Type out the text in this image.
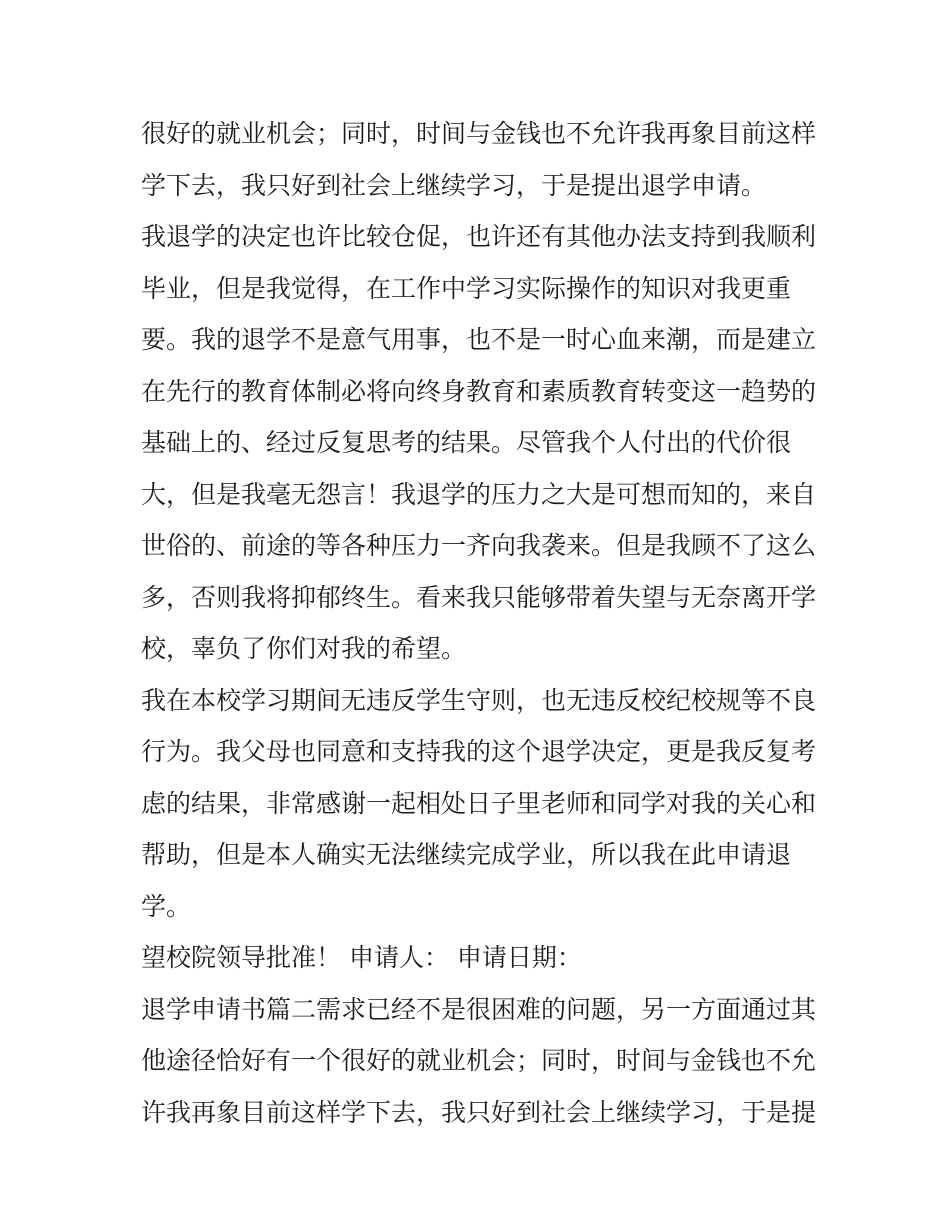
很好的就业机会；同时，时间与金钱也不允许我再象目前这样
学下去，我只好到社会上继续学习，于是提出退学申请。
我退学的决定也许比较仓促，也许还有其他办法支持到我顺利
毕业，但是我觉得，在工作中学习实际操作的知识对我更重
要。我的退学不是意气用事，也不是一时心血来潮，而是建立
在先行的教育体制必将向终身教育和素质教育转变这一趋势的
基础上的、经过反复思考的结果。尽管我个人付出的代价很
大，但是我毫无怨言！我退学的压力之大是可想而知的，来自
世俗的、前途的等各种压力一齐向我袭来。但是我顾不了这么
多，否则我将抑郁终生。看来我只能够带着失望与无奈离开学
校，辜负了你们对我的希望。
我在本校学习期间无违反学生守则，也无违反校纪校规等不良
行为。我父母也同意和支持我的这个退学决定，更是我反复考
虑的结果，非常感谢一起相处日子里老师和同学对我的关心和
帮助，但是本人确实无法继续完成学业，所以我在此申请退
学。
望校院领导批准！ 申请人： 申请日期：
退学申请书篇二需求已经不是很困难的问题，另一方面通过其
他途径恰好有一个很好的就业机会；同时，时间与金钱也不允
许我再象目前这样学下去，我只好到社会上继续学习，于是提
